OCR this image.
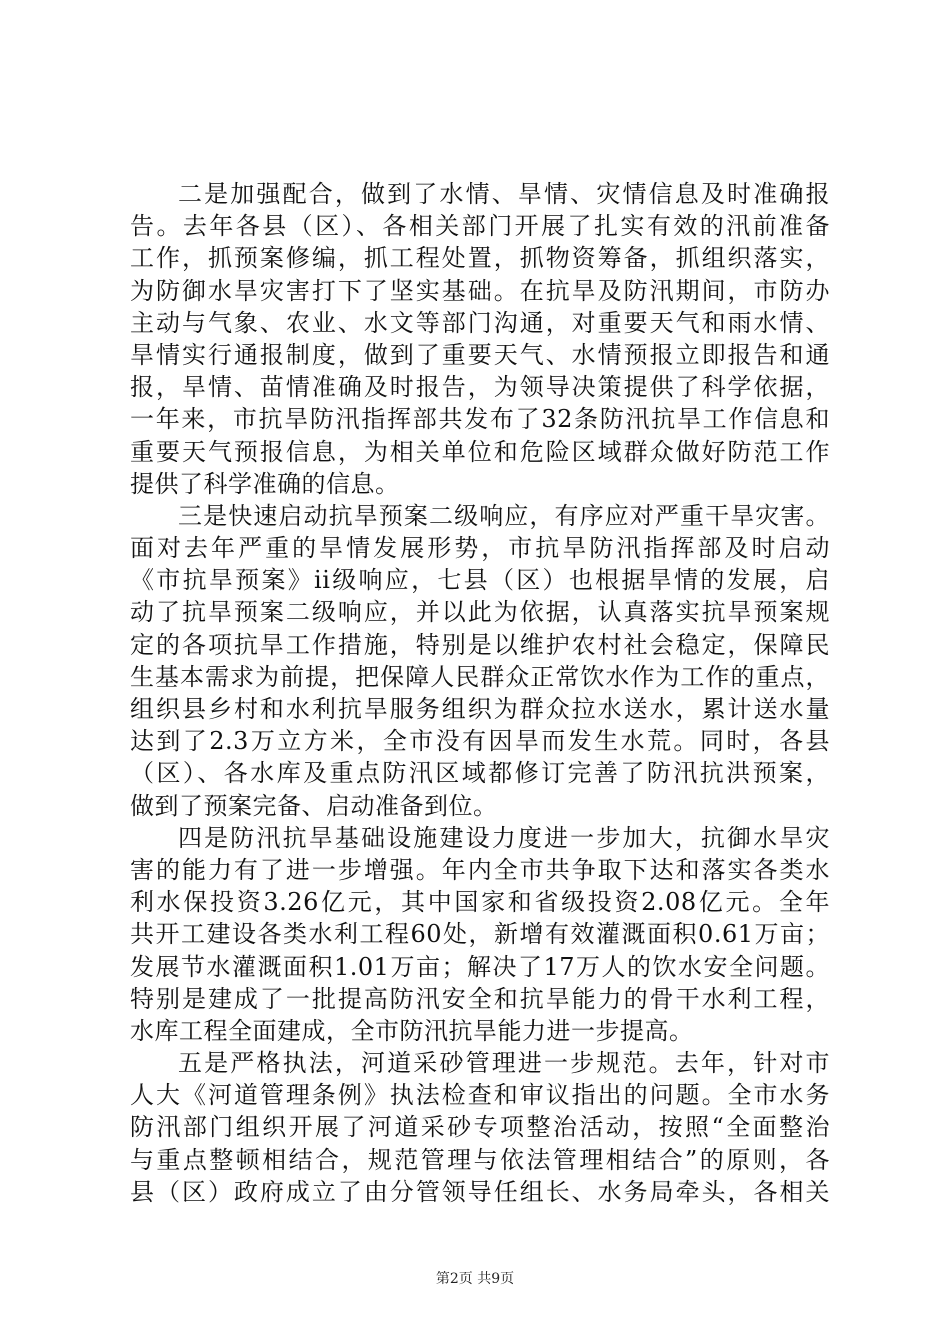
二是加强配合，做到了水情、旱情、灾情信息及时准确报
告。去年各县（区）、各相关部门开展了扎实有效的汛前准备
工作，抓预案修编，抓工程处置，抓物资筹备，抓组织落实，
为防御水旱灾害打下了坚实基础。在抗旱及防汛期间，市防办
主动与气象、农业、水文等部门沟通，对重要天气和雨水情、
旱情实行通报制度，做到了重要天气、水情预报立即报告和通
报，旱情、苗情准确及时报告，为领导决策提供了科学依据，
一年来，市抗旱防汛指挥部共发布了32条防汛抗旱工作信息和
重要天气预报信息，为相关单位和危险区域群众做好防范工作
提供了科学准确的信息。
三是快速启动抗旱预案二级响应，有序应对严重干旱灾害。
面对去年严重的旱情发展形势，市抗旱防汛指挥部及时启动
《市抗旱预案》ii级响应，七县（区）也根据旱情的发展，启
动了抗旱预案二级响应，并以此为依据，认真落实抗旱预案规
定的各项抗旱工作措施，特别是以维护农村社会稳定，保障民
生基本需求为前提，把保障人民群众正常饮水作为工作的重点，
组织县乡村和水利抗旱服务组织为群众拉水送水，累计送水量
达到了2.3万立方米，全市没有因旱而发生水荒。同时，各县
（区）、各水库及重点防汛区域都修订完善了防汛抗洪预案，
做到了预案完备、启动准备到位。
四是防汛抗旱基础设施建设力度进一步加大，抗御水旱灾
害的能力有了进一步增强。年内全市共争取下达和落实各类水
利水保投资3.26亿元，其中国家和省级投资2.08亿元。全年
共开工建设各类水利工程60处，新增有效灌溉面积0.61万亩；
发展节水灌溉面积1.01万亩；解决了17万人的饮水安全问题。
特别是建成了一批提高防汛安全和抗旱能力的骨干水利工程，
水库工程全面建成，全市防汛抗旱能力进一步提高。
五是严格执法，河道采砂管理进一步规范。去年，针对市
人大《河道管理条例》执法检查和审议指出的问题。全市水务
防汛部门组织开展了河道采砂专项整治活动，按照“全面整治
与重点整顿相结合，规范管理与依法管理相结合”的原则，各
县（区）政府成立了由分管领导任组长、水务局牵头，各相关
第2页 共9页
